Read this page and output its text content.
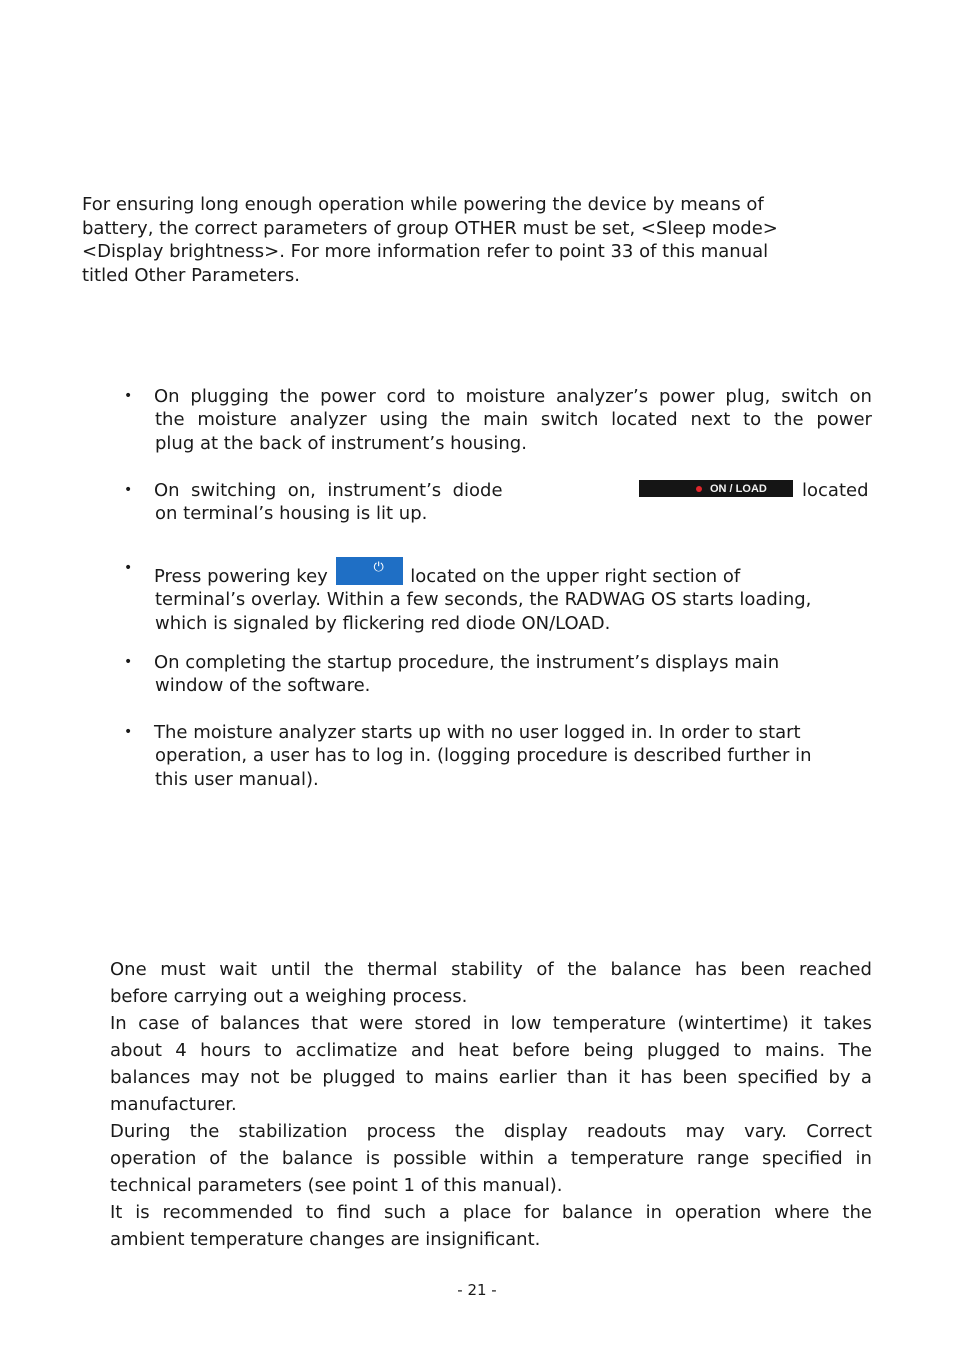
For ensuring long enough operation while powering the device by means of
battery, the correct parameters of group OTHER must be set, <Sleep mode>
<Display brightness>. For more information refer to point 33 of this manual
titled Other Parameters.

• On plugging the power cord to moisture analyzer’s power plug, switch on
the moisture analyzer using the main switch located next to the power
plug at the back of instrument’s housing.
• On  switching  on,  instrument’s  diode
on terminal’s housing is lit up.
located
• Press powering key	⏻ located on the upper right section of
terminal’s overlay. Within a few seconds, the RADWAG OS starts loading,
which is signaled by flickering red diode ON/LOAD.
• On completing the startup procedure, the instrument’s displays main
window of the software.
• The moisture analyzer starts up with no user logged in. In order to start
operation, a user has to log in. (logging procedure is described further in
this user manual).
ON / LOAD
One must wait until the thermal stability of the balance has been reached
before carrying out a weighing process.
In case of balances that were stored in low temperature (wintertime) it takes
about 4 hours to acclimatize and heat before being plugged to mains. The
balances may not be plugged to mains earlier than it has been specified by a
manufacturer.
During the stabilization process the display readouts may vary. Correct
operation of the balance is possible within a temperature range specified in
technical parameters (see point 1 of this manual).
It is recommended to find such a place for balance in operation where the
ambient temperature changes are insignificant.
- 21 -
